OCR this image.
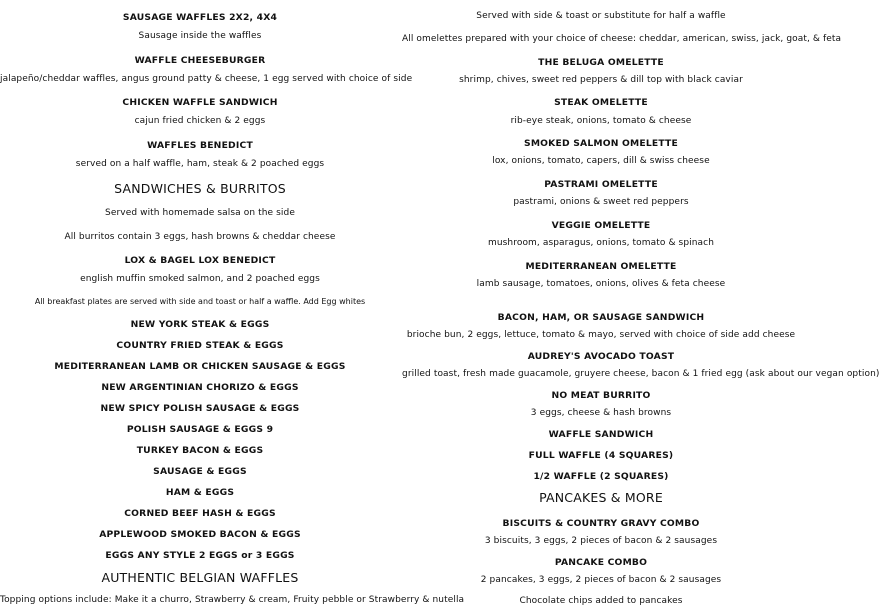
SAUSAGE WAFFLES 2X2, 4X4
Sausage inside the waffles
WAFFLE CHEESEBURGER
jalapeño/cheddar waffles, angus ground patty & cheese, 1 egg served with choice of side
CHICKEN WAFFLE SANDWICH
cajun fried chicken & 2 eggs
WAFFLES BENEDICT
served on a half waffle, ham, steak & 2 poached eggs
SANDWICHES & BURRITOS
Served with homemade salsa on the side
All burritos contain 3 eggs, hash browns & cheddar cheese
LOX & BAGEL LOX BENEDICT
english muffin smoked salmon, and 2 poached eggs
All breakfast plates are served with side and toast or half a waffle. Add Egg whites
NEW YORK STEAK & EGGS
COUNTRY FRIED STEAK & EGGS
MEDITERRANEAN LAMB OR CHICKEN SAUSAGE & EGGS
NEW ARGENTINIAN CHORIZO & EGGS
NEW SPICY POLISH SAUSAGE & EGGS
POLISH SAUSAGE & EGGS 9
TURKEY BACON & EGGS
SAUSAGE & EGGS
HAM & EGGS
CORNED BEEF HASH & EGGS
APPLEWOOD SMOKED BACON & EGGS
EGGS ANY STYLE 2 EGGS or 3 EGGS
AUTHENTIC BELGIAN WAFFLES
Topping options include: Make it a churro, Strawberry & cream, Fruity pebble or Strawberry & nutella
Served with side & toast or substitute for half a waffle
All omelettes prepared with your choice of cheese: cheddar, american, swiss, jack, goat, & feta
THE BELUGA OMELETTE
shrimp, chives, sweet red peppers & dill top with black caviar
STEAK OMELETTE
rib-eye steak, onions, tomato & cheese
SMOKED SALMON OMELETTE
lox, onions, tomato, capers, dill & swiss cheese
PASTRAMI OMELETTE
pastrami, onions & sweet red peppers
VEGGIE OMELETTE
mushroom, asparagus, onions, tomato & spinach
MEDITERRANEAN OMELETTE
lamb sausage, tomatoes, onions, olives & feta cheese
BACON, HAM, OR SAUSAGE SANDWICH
brioche bun, 2 eggs, lettuce, tomato & mayo, served with choice of side add cheese
AUDREY'S AVOCADO TOAST
grilled toast, fresh made guacamole, gruyere cheese, bacon & 1 fried egg (ask about our vegan option)
NO MEAT BURRITO
3 eggs, cheese & hash browns
WAFFLE SANDWICH
FULL WAFFLE (4 SQUARES)
1/2 WAFFLE (2 SQUARES)
PANCAKES & MORE
BISCUITS & COUNTRY GRAVY COMBO
3 biscuits, 3 eggs, 2 pieces of bacon & 2 sausages
PANCAKE COMBO
2 pancakes, 3 eggs, 2 pieces of bacon & 2 sausages
Chocolate chips added to pancakes
